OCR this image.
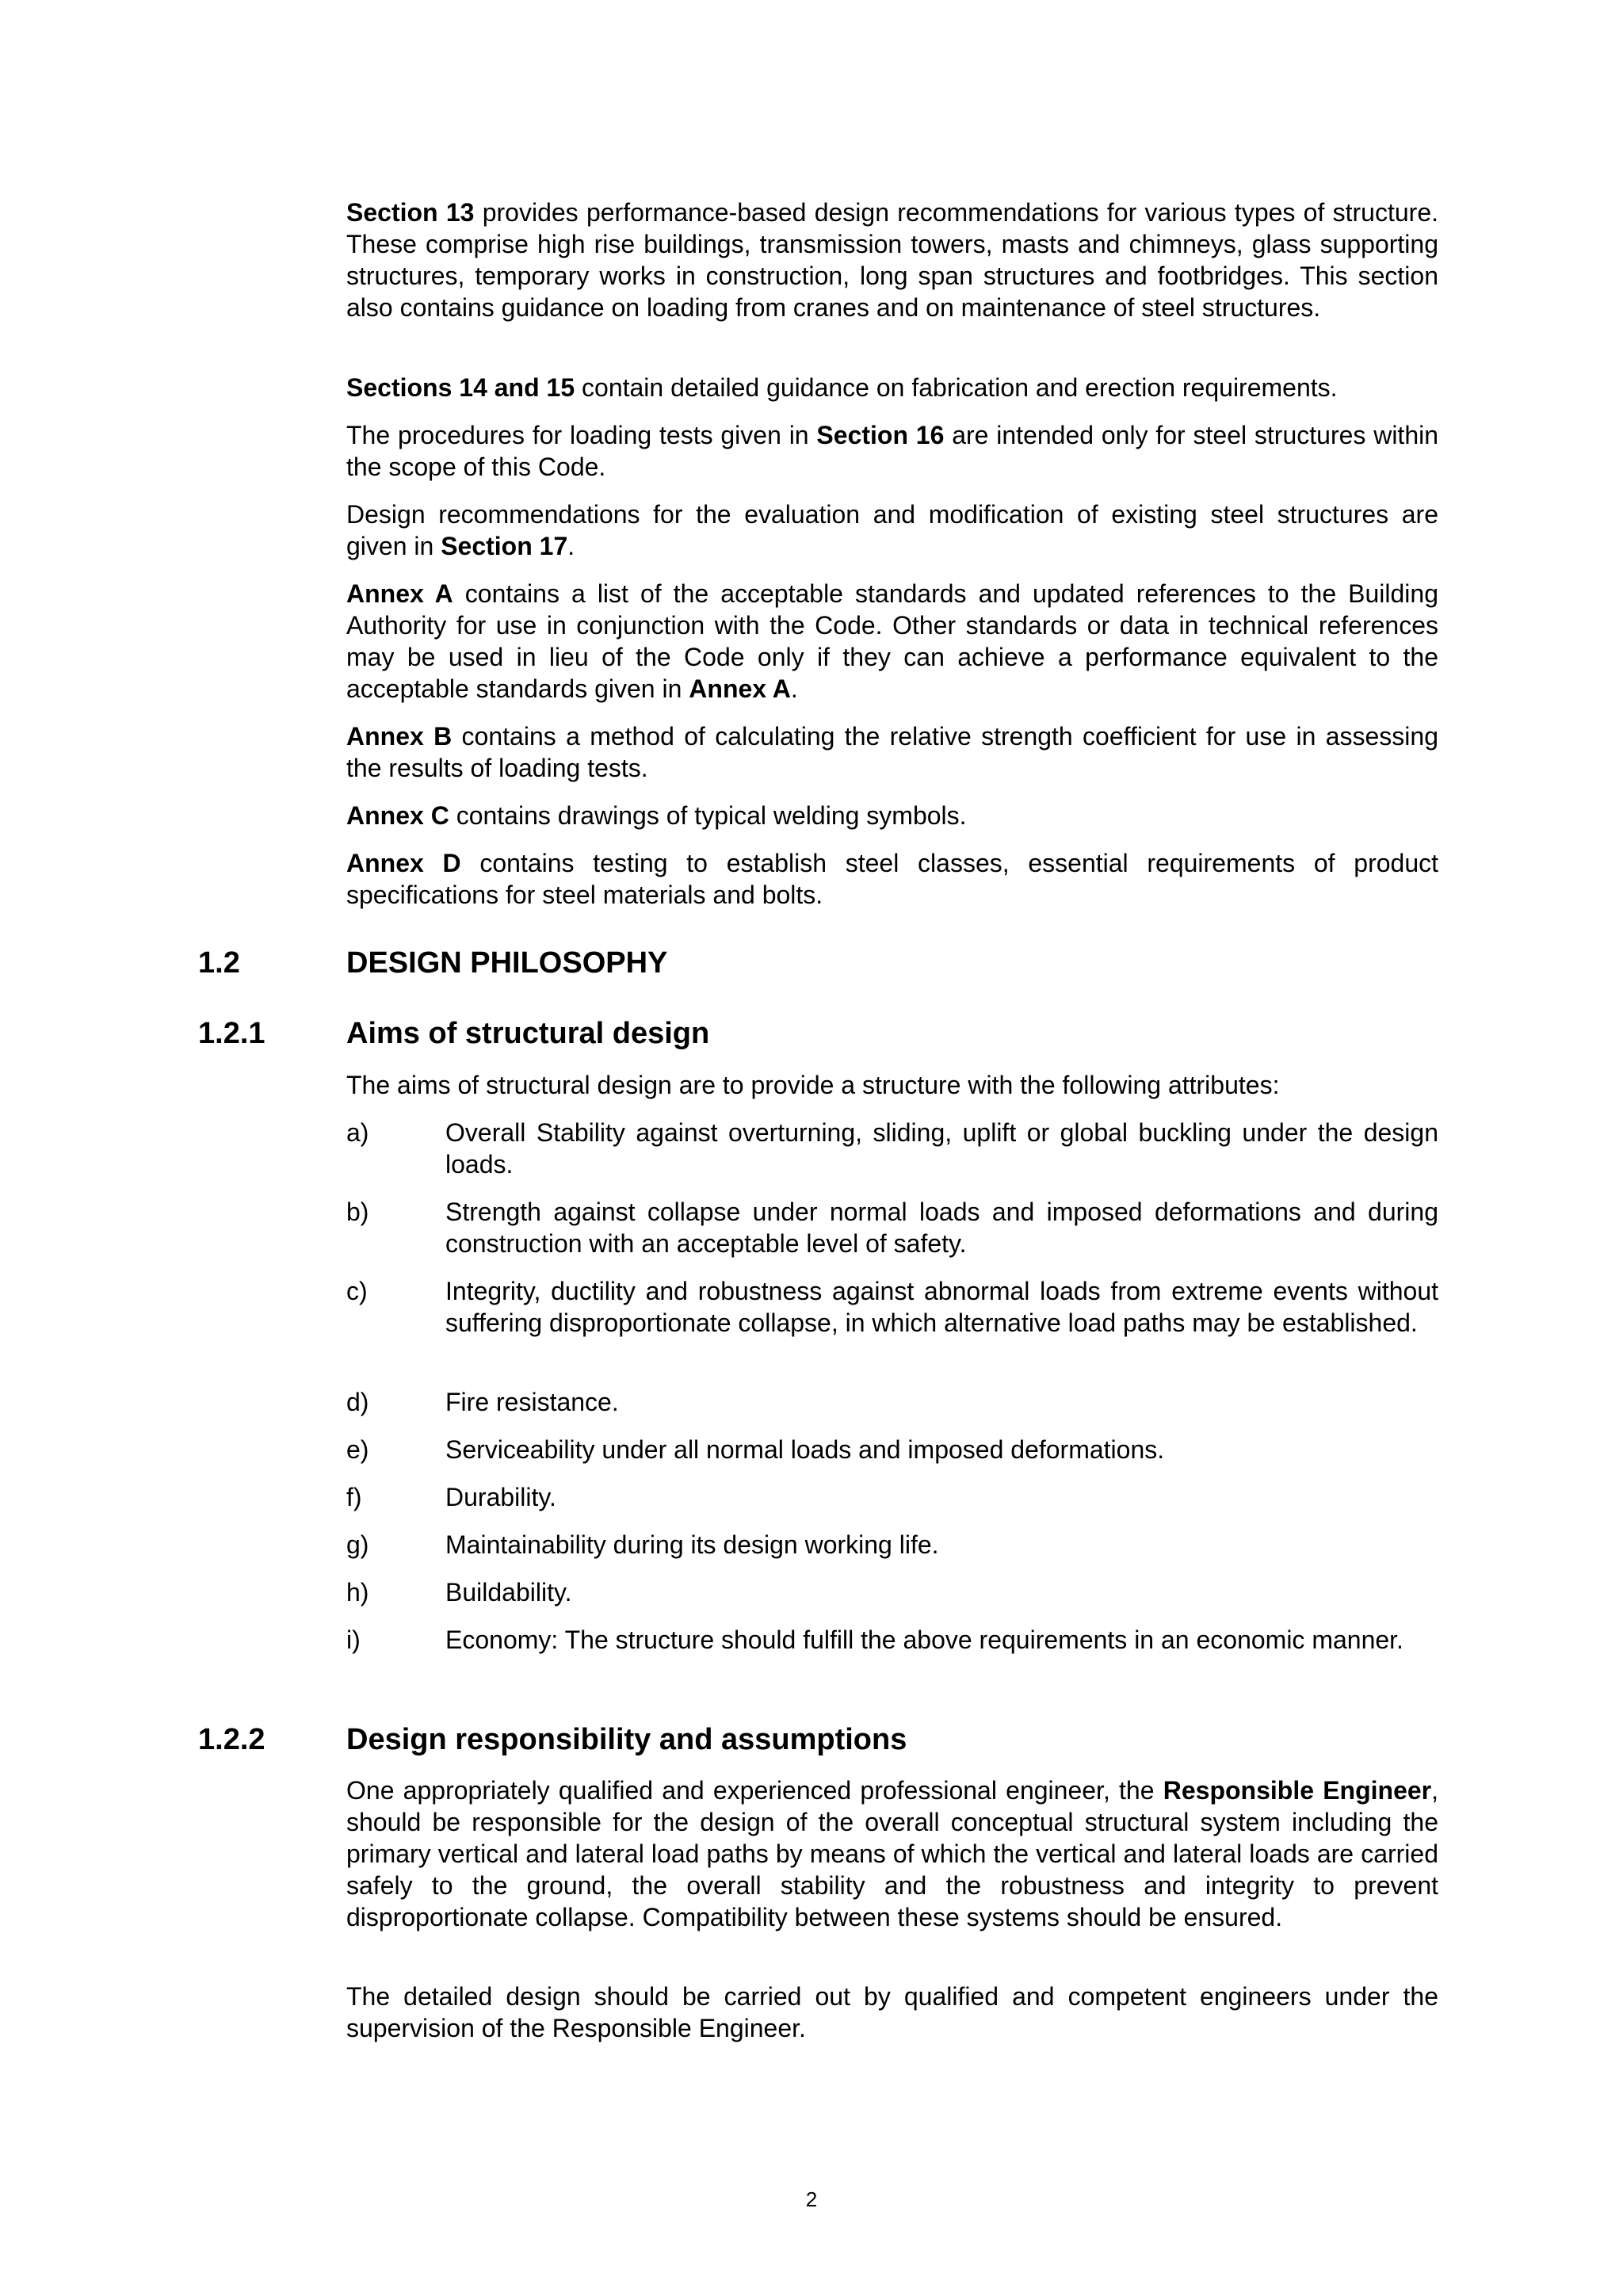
Section 13 provides performance-based design recommendations for various types of structure. These comprise high rise buildings, transmission towers, masts and chimneys, glass supporting structures, temporary works in construction, long span structures and footbridges. This section also contains guidance on loading from cranes and on maintenance of steel structures.

Sections 14 and 15 contain detailed guidance on fabrication and erection requirements.

The procedures for loading tests given in Section 16 are intended only for steel structures within the scope of this Code.

Design recommendations for the evaluation and modification of existing steel structures are given in Section 17.

Annex A contains a list of the acceptable standards and updated references to the Building Authority for use in conjunction with the Code. Other standards or data in technical references may be used in lieu of the Code only if they can achieve a performance equivalent to the acceptable standards given in Annex A.

Annex B contains a method of calculating the relative strength coefficient for use in assessing the results of loading tests.

Annex C contains drawings of typical welding symbols.

Annex D contains testing to establish steel classes, essential requirements of product specifications for steel materials and bolts.

1.2	DESIGN PHILOSOPHY
1.2.1	Aims of structural design

The aims of structural design are to provide a structure with the following attributes:

a)	Overall Stability against overturning, sliding, uplift or global buckling under the design loads.

b)	Strength against collapse under normal loads and imposed deformations and during construction with an acceptable level of safety.

c)	Integrity, ductility and robustness against abnormal loads from extreme events without suffering disproportionate collapse, in which alternative load paths may be established.

d)	Fire resistance.

e)	Serviceability under all normal loads and imposed deformations.

f)	Durability.

g)	Maintainability during its design working life.

h)	Buildability.

i)	Economy: The structure should fulfill the above requirements in an economic manner.

1.2.2	Design responsibility and assumptions

One appropriately qualified and experienced professional engineer, the Responsible Engineer, should be responsible for the design of the overall conceptual structural system including the primary vertical and lateral load paths by means of which the vertical and lateral loads are carried safely to the ground, the overall stability and the robustness and integrity to prevent disproportionate collapse. Compatibility between these systems should be ensured.

The detailed design should be carried out by qualified and competent engineers under the supervision of the Responsible Engineer.

2
